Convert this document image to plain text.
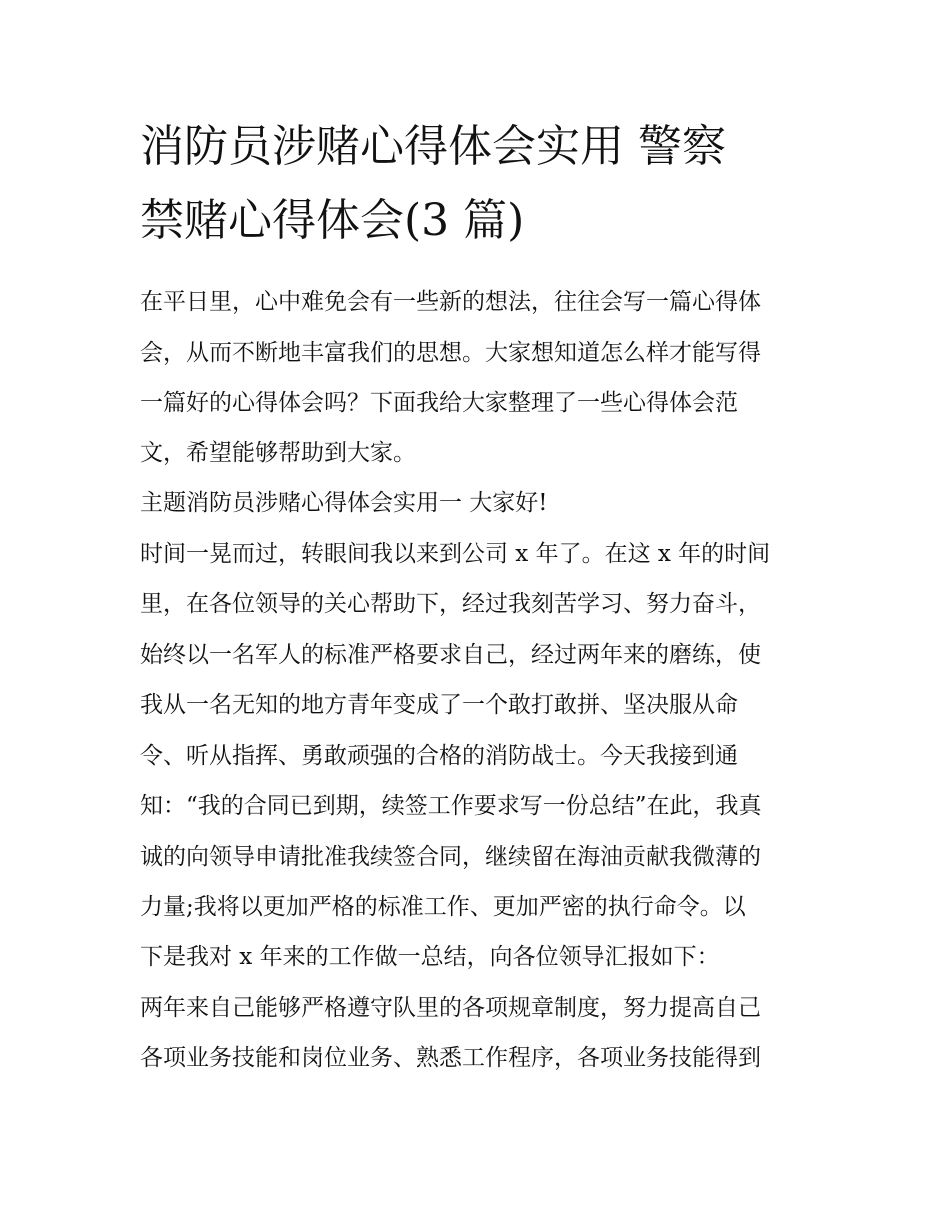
消防员涉赌心得体会实用 警察
禁赌心得体会(3 篇)

在平日里，心中难免会有一些新的想法，往往会写一篇心得体

会，从而不断地丰富我们的思想。大家想知道怎么样才能写得

一篇好的心得体会吗？下面我给大家整理了一些心得体会范

文，希望能够帮助到大家。

主题消防员涉赌心得体会实用一 大家好!

时间一晃而过，转眼间我以来到公司 x 年了。在这 x 年的时间

里，在各位领导的关心帮助下，经过我刻苦学习、努力奋斗，

始终以一名军人的标准严格要求自己，经过两年来的磨练，使

我从一名无知的地方青年变成了一个敢打敢拼、坚决服从命

令、听从指挥、勇敢顽强的合格的消防战士。今天我接到通

知：“我的合同已到期，续签工作要求写一份总结”在此，我真

诚的向领导申请批准我续签合同，继续留在海油贡献我微薄的

力量;我将以更加严格的标准工作、更加严密的执行命令。以

下是我对 x 年来的工作做一总结，向各位领导汇报如下：

两年来自己能够严格遵守队里的各项规章制度，努力提高自己

各项业务技能和岗位业务、熟悉工作程序，各项业务技能得到
